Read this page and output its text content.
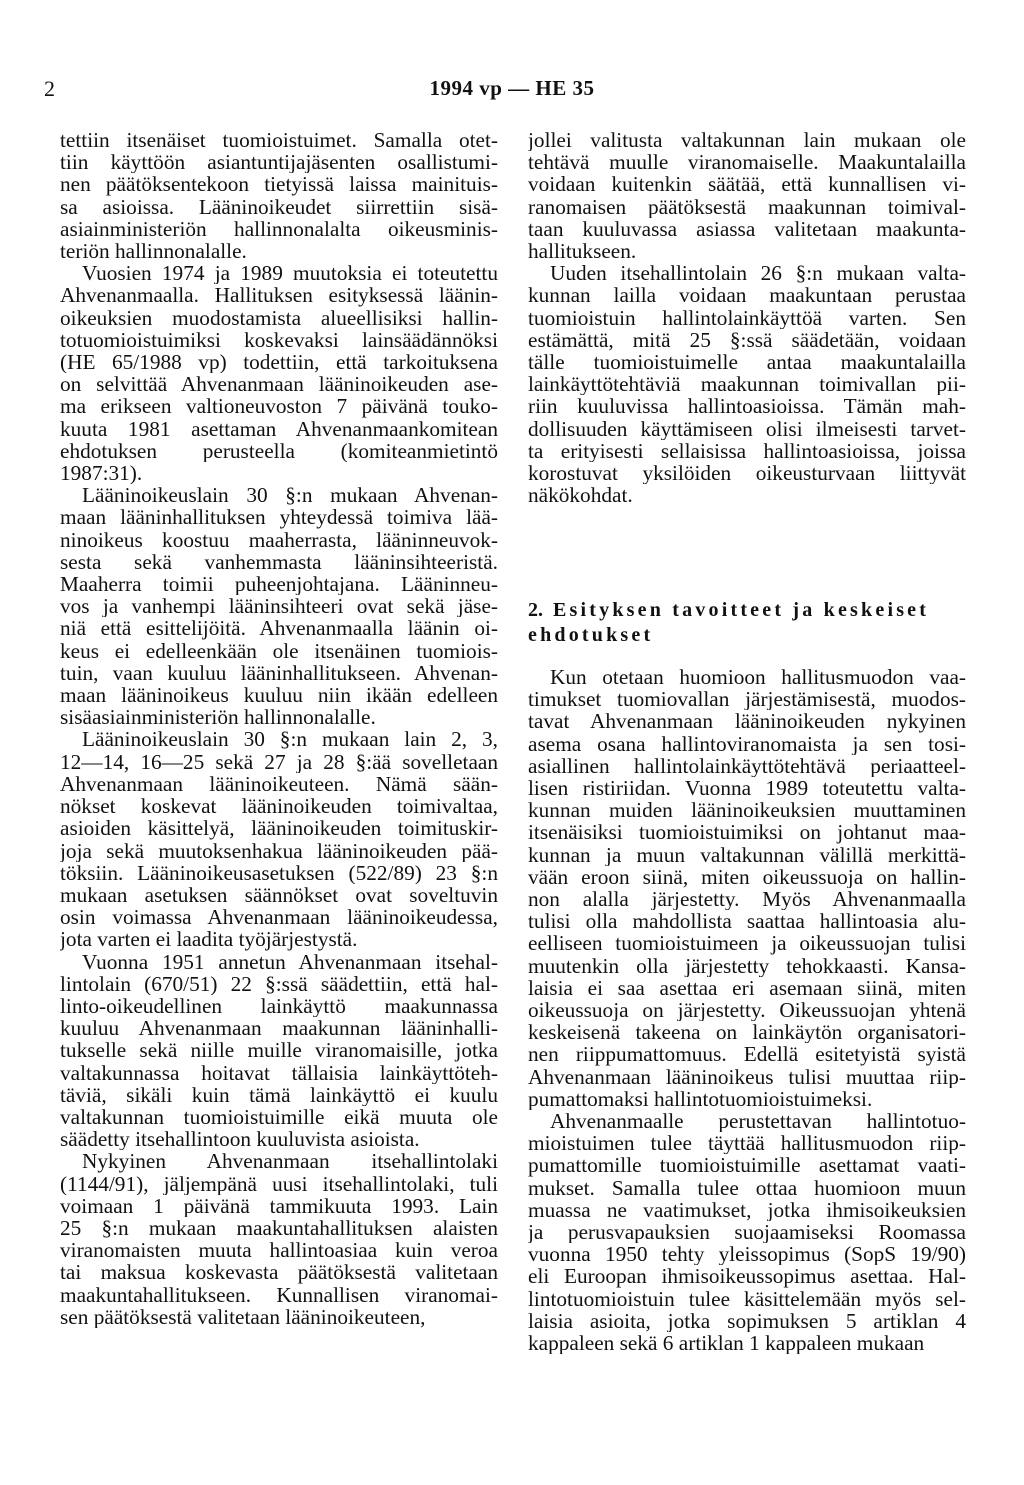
2	1994 vp — HE 35
tettiin itsenäiset tuomioistuimet. Samalla otet-
tiin käyttöön asiantuntijajäsenten osallistumi-
nen päätöksentekoon tietyissä laissa mainituis-
sa asioissa. Lääninoikeudet siirrettiin sisä-
asiainministeriön hallinnonalalta oikeusminis-
teriön hallinnonalalle.
Vuosien 1974 ja 1989 muutoksia ei toteutettu
Ahvenanmaalla. Hallituksen esityksessä läänin-
oikeuksien muodostamista alueellisiksi hallin-
totuomioistuimiksi koskevaksi lainsäädännöksi
(HE 65/1988 vp) todettiin, että tarkoituksena
on selvittää Ahvenanmaan lääninoikeuden ase-
ma erikseen valtioneuvoston 7 päivänä touko-
kuuta 1981 asettaman Ahvenanmaankomitean
ehdotuksen perusteella (komiteanmietintö
1987:31).
Lääninoikeuslain 30 §:n mukaan Ahvenan-
maan lääninhallituksen yhteydessä toimiva lää-
ninoikeus koostuu maaherrasta, lääninneuvok-
sesta sekä vanhemmasta lääninsihteeristä.
Maaherra toimii puheenjohtajana. Lääninneu-
vos ja vanhempi lääninsihteeri ovat sekä jäse-
niä että esittelijöitä. Ahvenanmaalla läänin oi-
keus ei edelleenkään ole itsenäinen tuomiois-
tuin, vaan kuuluu lääninhallitukseen. Ahvenan-
maan lääninoikeus kuuluu niin ikään edelleen
sisäasiainministeriön hallinnonalalle.
Lääninoikeuslain 30 §:n mukaan lain 2, 3,
12—14, 16—25 sekä 27 ja 28 §:ää sovelletaan
Ahvenanmaan lääninoikeuteen. Nämä sään-
nökset koskevat lääninoikeuden toimivaltaa,
asioiden käsittelyä, lääninoikeuden toimituskir-
joja sekä muutoksenhakua lääninoikeuden pää-
töksiin. Lääninoikeusasetuksen (522/89) 23 §:n
mukaan asetuksen säännökset ovat soveltuvin
osin voimassa Ahvenanmaan lääninoikeudessa,
jota varten ei laadita työjärjestystä.
Vuonna 1951 annetun Ahvenanmaan itsehal-
lintolain (670/51) 22 §:ssä säädettiin, että hal-
linto-oikeudellinen lainkäyttö maakunnassa
kuuluu Ahvenanmaan maakunnan lääninhalli-
tukselle sekä niille muille viranomaisille, jotka
valtakunnassa hoitavat tällaisia lainkäyttöteh-
täviä, sikäli kuin tämä lainkäyttö ei kuulu
valtakunnan tuomioistuimille eikä muuta ole
säädetty itsehallintoon kuuluvista asioista.
Nykyinen Ahvenanmaan itsehallintolaki
(1144/91), jäljempänä uusi itsehallintolaki, tuli
voimaan 1 päivänä tammikuuta 1993. Lain
25 §:n mukaan maakuntahallituksen alaisten
viranomaisten muuta hallintoasiaa kuin veroa
tai maksua koskevasta päätöksestä valitetaan
maakuntahallitukseen. Kunnallisen viranomai-
sen päätöksestä valitetaan lääninoikeuteen,
jollei valitusta valtakunnan lain mukaan ole
tehtävä muulle viranomaiselle. Maakuntalailla
voidaan kuitenkin säätää, että kunnallisen vi-
ranomaisen päätöksestä maakunnan toimival-
taan kuuluvassa asiassa valitetaan maakunta-
hallitukseen.
Uuden itsehallintolain 26 §:n mukaan valta-
kunnan lailla voidaan maakuntaan perustaa
tuomioistuin hallintolainkäyttöä varten. Sen
estämättä, mitä 25 §:ssä säädetään, voidaan
tälle tuomioistuimelle antaa maakuntalailla
lainkäyttötehtäviä maakunnan toimivallan pii-
riin kuuluvissa hallintoasioissa. Tämän mah-
dollisuuden käyttämiseen olisi ilmeisesti tarvet-
ta erityisesti sellaisissa hallintoasioissa, joissa
korostuvat yksilöiden oikeusturvaan liittyvät
näkökohdat.
2. Esityksen tavoitteet ja keskeiset
ehdotukset
Kun otetaan huomioon hallitusmuodon vaa-
timukset tuomiovallan järjestämisestä, muodos-
tavat Ahvenanmaan lääninoikeuden nykyinen
asema osana hallintoviranomaista ja sen tosi-
asiallinen hallintolainkäyttötehtävä periaatteel-
lisen ristiriidan. Vuonna 1989 toteutettu valta-
kunnan muiden lääninoikeuksien muuttaminen
itsenäisiksi tuomioistuimiksi on johtanut maa-
kunnan ja muun valtakunnan välillä merkittä-
vään eroon siinä, miten oikeussuoja on hallin-
non alalla järjestetty. Myös Ahvenanmaalla
tulisi olla mahdollista saattaa hallintoasia alu-
eelliseen tuomioistuimeen ja oikeussuojan tulisi
muutenkin olla järjestetty tehokkaasti. Kansa-
laisia ei saa asettaa eri asemaan siinä, miten
oikeussuoja on järjestetty. Oikeussuojan yhtenä
keskeisenä takeena on lainkäytön organisatori-
nen riippumattomuus. Edellä esitetyistä syistä
Ahvenanmaan lääninoikeus tulisi muuttaa riip-
pumattomaksi hallintotuomioistuimeksi.
Ahvenanmaalle perustettavan hallintotuo-
mioistuimen tulee täyttää hallitusmuodon riip-
pumattomille tuomioistuimille asettamat vaati-
mukset. Samalla tulee ottaa huomioon muun
muassa ne vaatimukset, jotka ihmisoikeuksien
ja perusvapauksien suojaamiseksi Roomassa
vuonna 1950 tehty yleissopimus (SopS 19/90)
eli Euroopan ihmisoikeussopimus asettaa. Hal-
lintotuomioistuin tulee käsittelemään myös sel-
laisia asioita, jotka sopimuksen 5 artiklan 4
kappaleen sekä 6 artiklan 1 kappaleen mukaan
